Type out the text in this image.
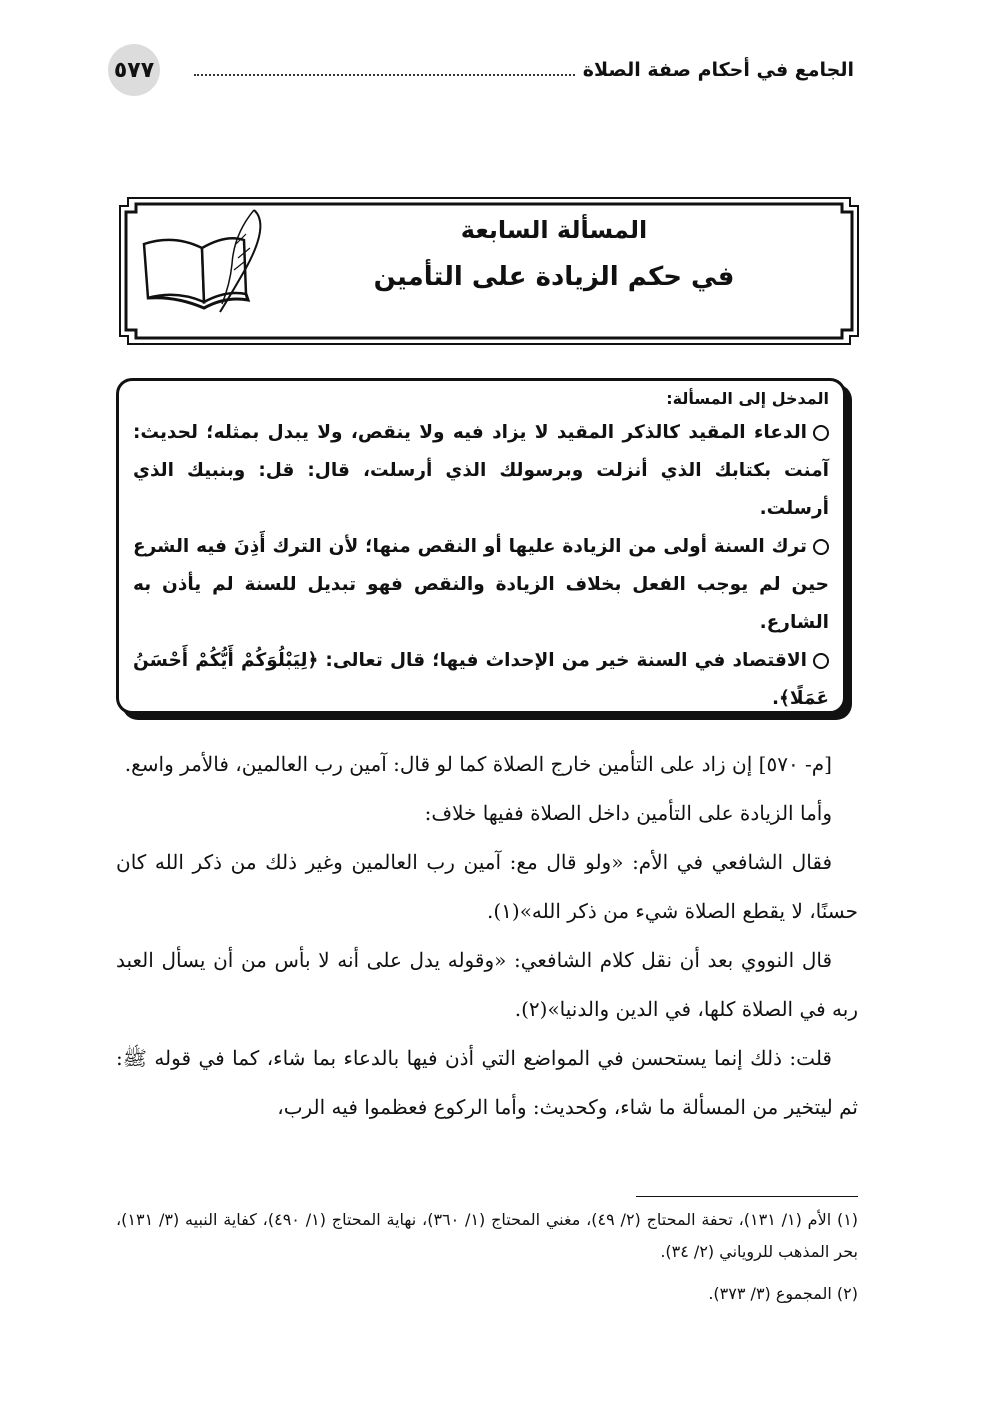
الجامع في أحكام صفة الصلاة
٥٧٧
المسألة السابعة
في حكم الزيادة على التأمين
المدخل إلى المسألة:
الدعاء المقيد كالذكر المقيد لا يزاد فيه ولا ينقص، ولا يبدل بمثله؛ لحديث: آمنت بكتابك الذي أنزلت وبرسولك الذي أرسلت، قال: قل: وبنبيك الذي أرسلت.
ترك السنة أولى من الزيادة عليها أو النقص منها؛ لأن الترك أَذِنَ فيه الشرع حين لم يوجب الفعل بخلاف الزيادة والنقص فهو تبديل للسنة لم يأذن به الشارع.
الاقتصاد في السنة خير من الإحداث فيها؛ قال تعالى: ﴿لِيَبْلُوَكُمْ أَيُّكُمْ أَحْسَنُ عَمَلًا﴾.

[م- ٥٧٠] إن زاد على التأمين خارج الصلاة كما لو قال: آمين رب العالمين، فالأمر واسع.

وأما الزيادة على التأمين داخل الصلاة ففيها خلاف:

فقال الشافعي في الأم: «ولو قال مع: آمين رب العالمين وغير ذلك من ذكر الله كان حسنًا، لا يقطع الصلاة شيء من ذكر الله»(١).

قال النووي بعد أن نقل كلام الشافعي: «وقوله يدل على أنه لا بأس من أن يسأل العبد ربه في الصلاة كلها، في الدين والدنيا»(٢).

قلت: ذلك إنما يستحسن في المواضع التي أذن فيها بالدعاء بما شاء، كما في قوله ﷺ: ثم ليتخير من المسألة ما شاء، وكحديث: وأما الركوع فعظموا فيه الرب،

(١) الأم (١/ ١٣١)، تحفة المحتاج (٢/ ٤٩)، مغني المحتاج (١/ ٣٦٠)، نهاية المحتاج (١/ ٤٩٠)، كفاية النبيه (٣/ ١٣١)، بحر المذهب للروياني (٢/ ٣٤).

(٢) المجموع (٣/ ٣٧٣).
